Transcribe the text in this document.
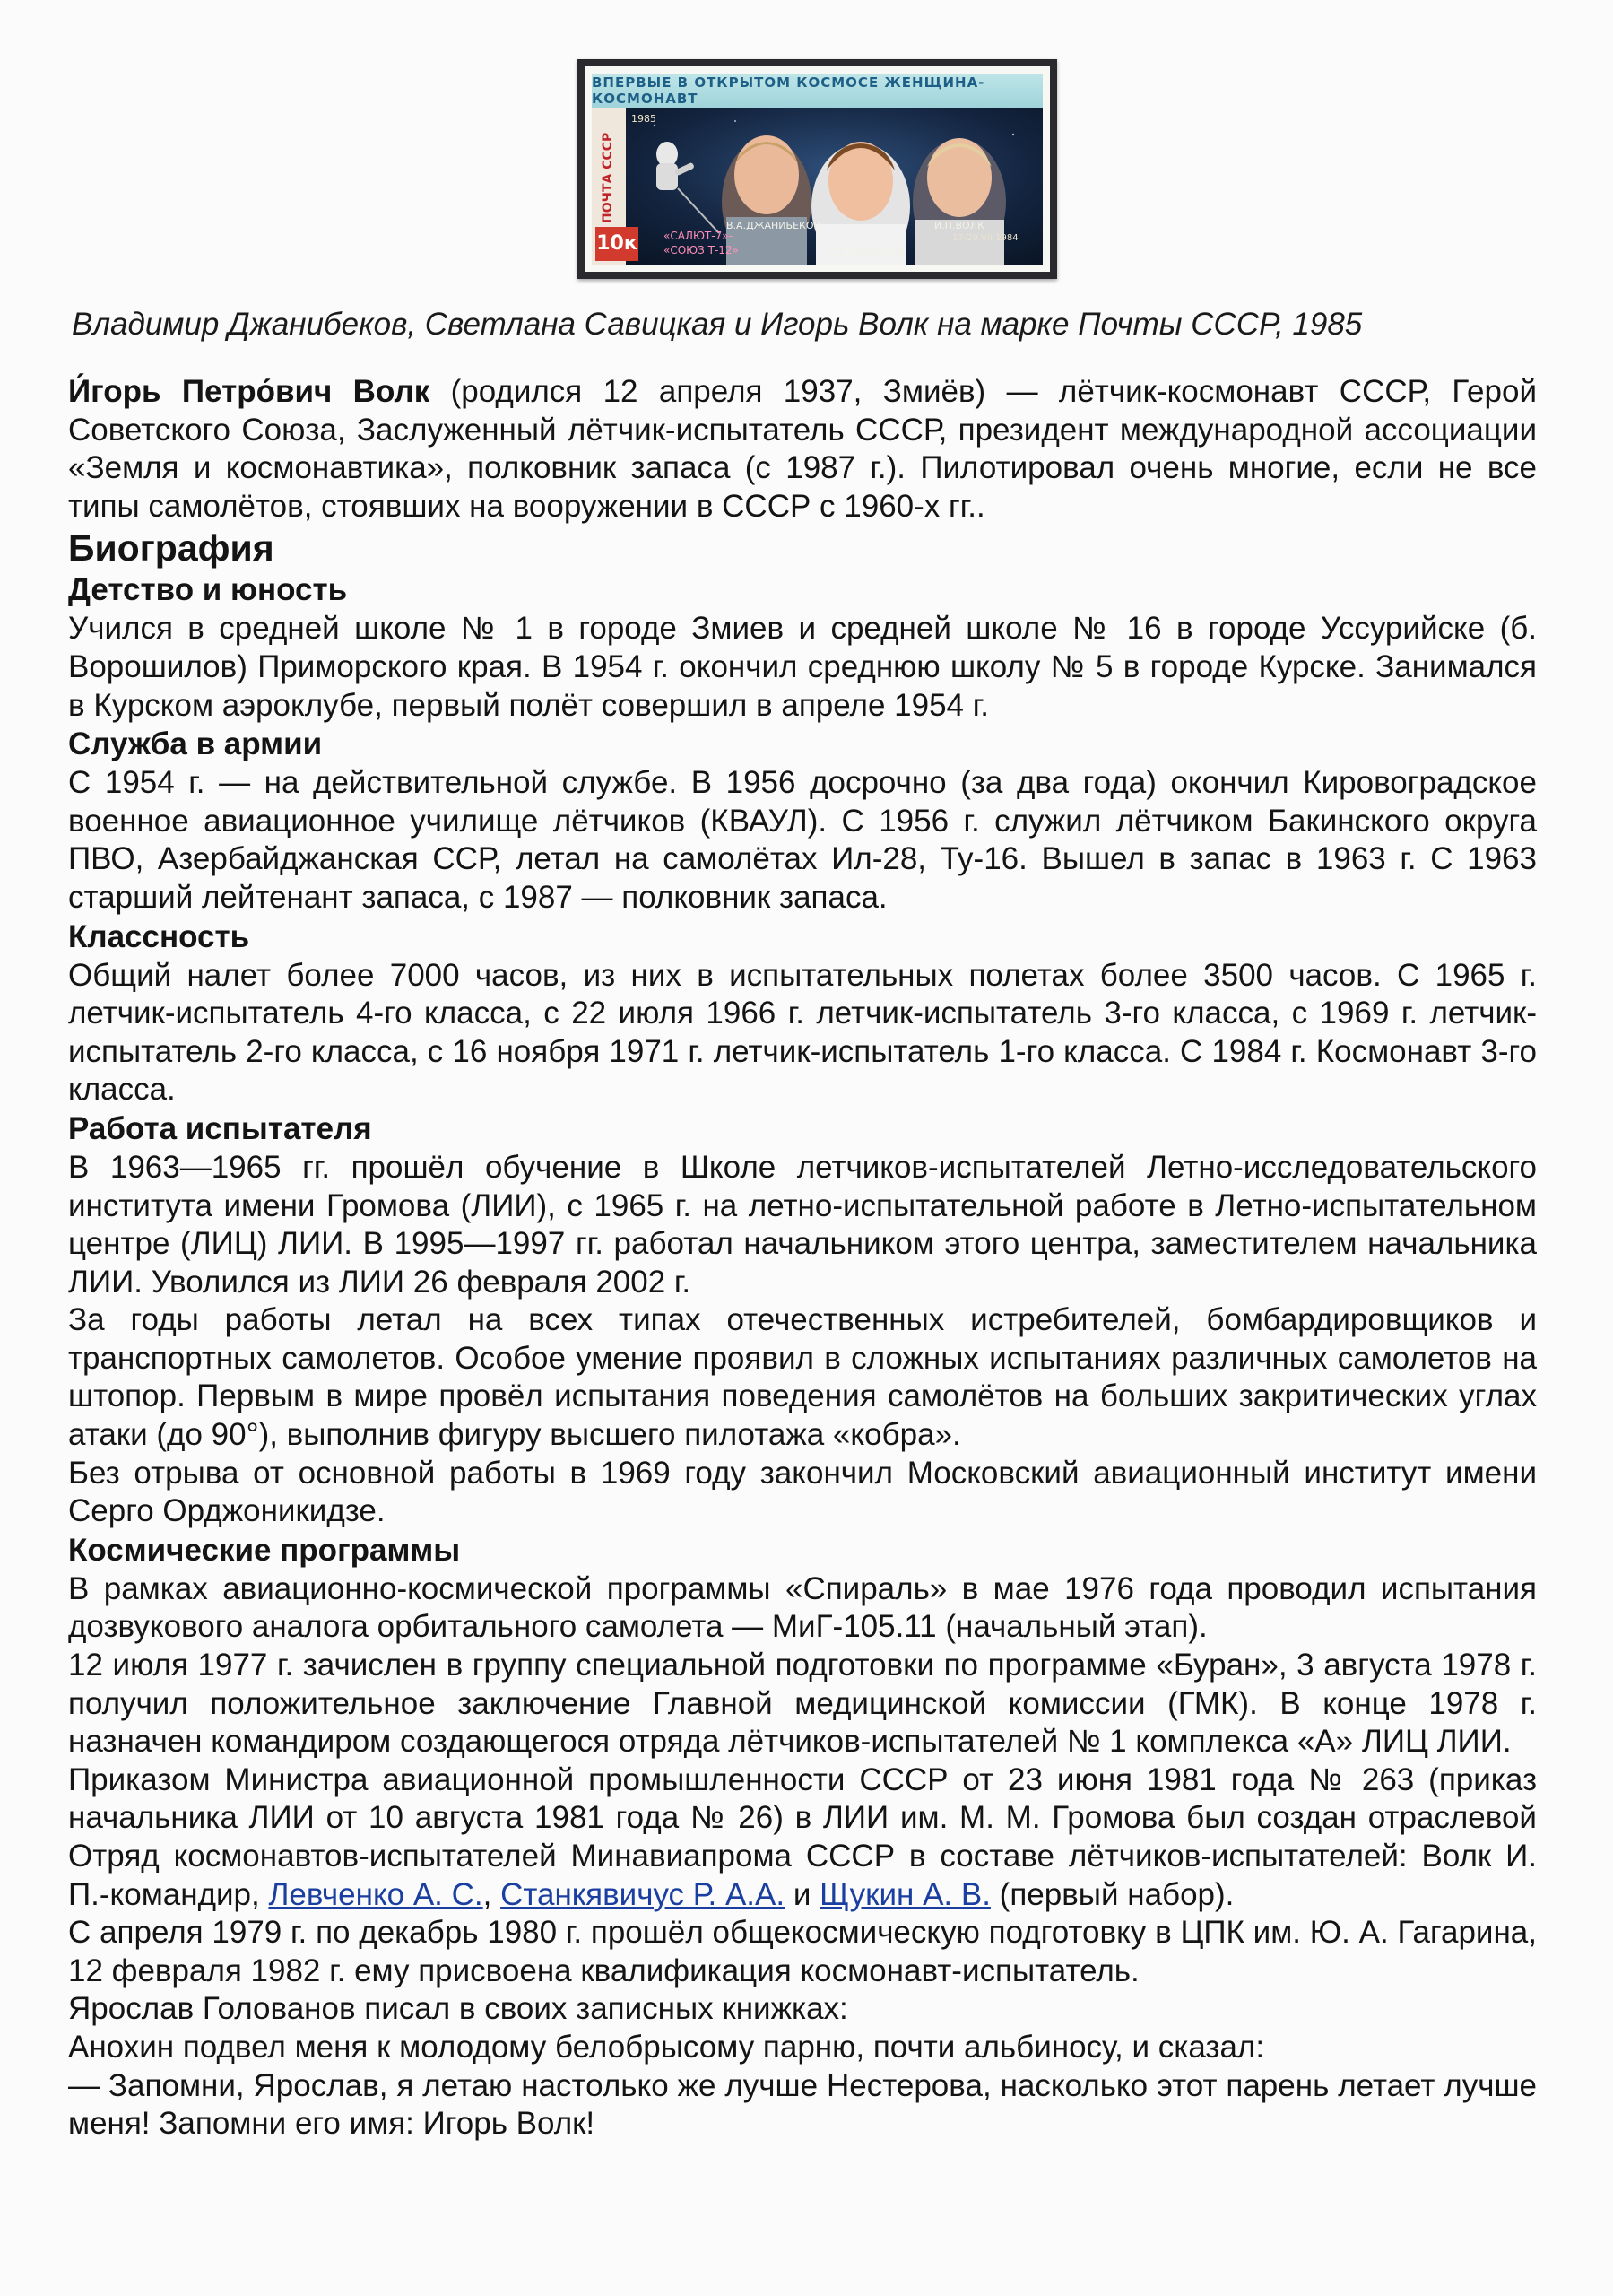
ВПЕРВЫЕ В ОТКРЫТОМ КОСМОСЕ ЖЕНЩИНА-КОСМОНАВТ
В.А.ДЖАНИБЕКОВ
С.Е.САВИЦКАЯ
И.П.ВОЛК
«САЛЮТ-7»–
«СОЮЗ Т-12»
17-29.VII.1984
ПОЧТА СССР
1985
10к
Владимир Джанибеков, Светлана Савицкая и Игорь Волк на марке Почты СССР, 1985

И́горь Петро́вич Волк (родился 12 апреля 1937, Змиёв) — лётчик-космонавт СССР, Герой Советского Союза, Заслуженный лётчик-испытатель СССР, президент международной ассоциации «Земля и космонавтика», полковник запаса (с 1987 г.). Пилотировал очень многие, если не все типы самолётов, стоявших на вооружении в СССР с 1960-х гг..

Биография
Детство и юность

Учился в средней школе № 1 в городе Змиев и средней школе № 16 в городе Уссурийске (б. Ворошилов) Приморского края. В 1954 г. окончил среднюю школу № 5 в городе Курске. Занимался в Курском аэроклубе, первый полёт совершил в апреле 1954 г.

Служба в армии

С 1954 г. — на действительной службе. В 1956 досрочно (за два года) окончил Кировоградское военное авиационное училище лётчиков (КВАУЛ). С 1956 г. служил лётчиком Бакинского округа ПВО, Азербайджанская ССР, летал на самолётах Ил-28, Ту-16. Вышел в запас в 1963 г. С 1963 старший лейтенант запаса, с 1987 — полковник запаса.

Классность

Общий налет более 7000 часов, из них в испытательных полетах более 3500 часов. С 1965 г. летчик-испытатель 4-го класса, с 22 июля 1966 г. летчик-испытатель 3-го класса, с 1969 г. летчик-испытатель 2-го класса, с 16 ноября 1971 г. летчик-испытатель 1-го класса. С 1984 г. Космонавт 3-го класса.

Работа испытателя

В 1963—1965 гг. прошёл обучение в Школе летчиков-испытателей Летно-исследовательского института имени Громова (ЛИИ), с 1965 г. на летно-испытательной работе в Летно-испытательном центре (ЛИЦ) ЛИИ. В 1995—1997 гг. работал начальником этого центра, заместителем начальника ЛИИ. Уволился из ЛИИ 26 февраля 2002 г.

За годы работы летал на всех типах отечественных истребителей, бомбардировщиков и транспортных самолетов. Особое умение проявил в сложных испытаниях различных самолетов на штопор. Первым в мире провёл испытания поведения самолётов на больших закритических углах атаки (до 90°), выполнив фигуру высшего пилотажа «кобра».

Без отрыва от основной работы в 1969 году закончил Московский авиационный институт имени Серго Орджоникидзе.

Космические программы

В рамках авиационно-космической программы «Спираль» в мае 1976 года проводил испытания дозвукового аналога орбитального самолета — МиГ-105.11 (начальный этап).

12 июля 1977 г. зачислен в группу специальной подготовки по программе «Буран», 3 августа 1978 г. получил положительное заключение Главной медицинской комиссии (ГМК). В конце 1978 г. назначен командиром создающегося отряда лётчиков-испытателей № 1 комплекса «А» ЛИЦ ЛИИ.

Приказом Министра авиационной промышленности СССР от 23 июня 1981 года № 263 (приказ начальника ЛИИ от 10 августа 1981 года № 26) в ЛИИ им. М. М. Громова был создан отраслевой Отряд космонавтов-испытателей Минавиапрома СССР в составе лётчиков-испытателей: Волк И. П.-командир, Левченко А. С., Станкявичус Р. А.А. и Щукин А. В. (первый набор).

С апреля 1979 г. по декабрь 1980 г. прошёл общекосмическую подготовку в ЦПК им. Ю. А. Гагарина, 12 февраля 1982 г. ему присвоена квалификация космонавт-испытатель.

Ярослав Голованов писал в своих записных книжках:

Анохин подвел меня к молодому белобрысому парню, почти альбиносу, и сказал:

— Запомни, Ярослав, я летаю настолько же лучше Нестерова, насколько этот парень летает лучше меня! Запомни его имя: Игорь Волк!
